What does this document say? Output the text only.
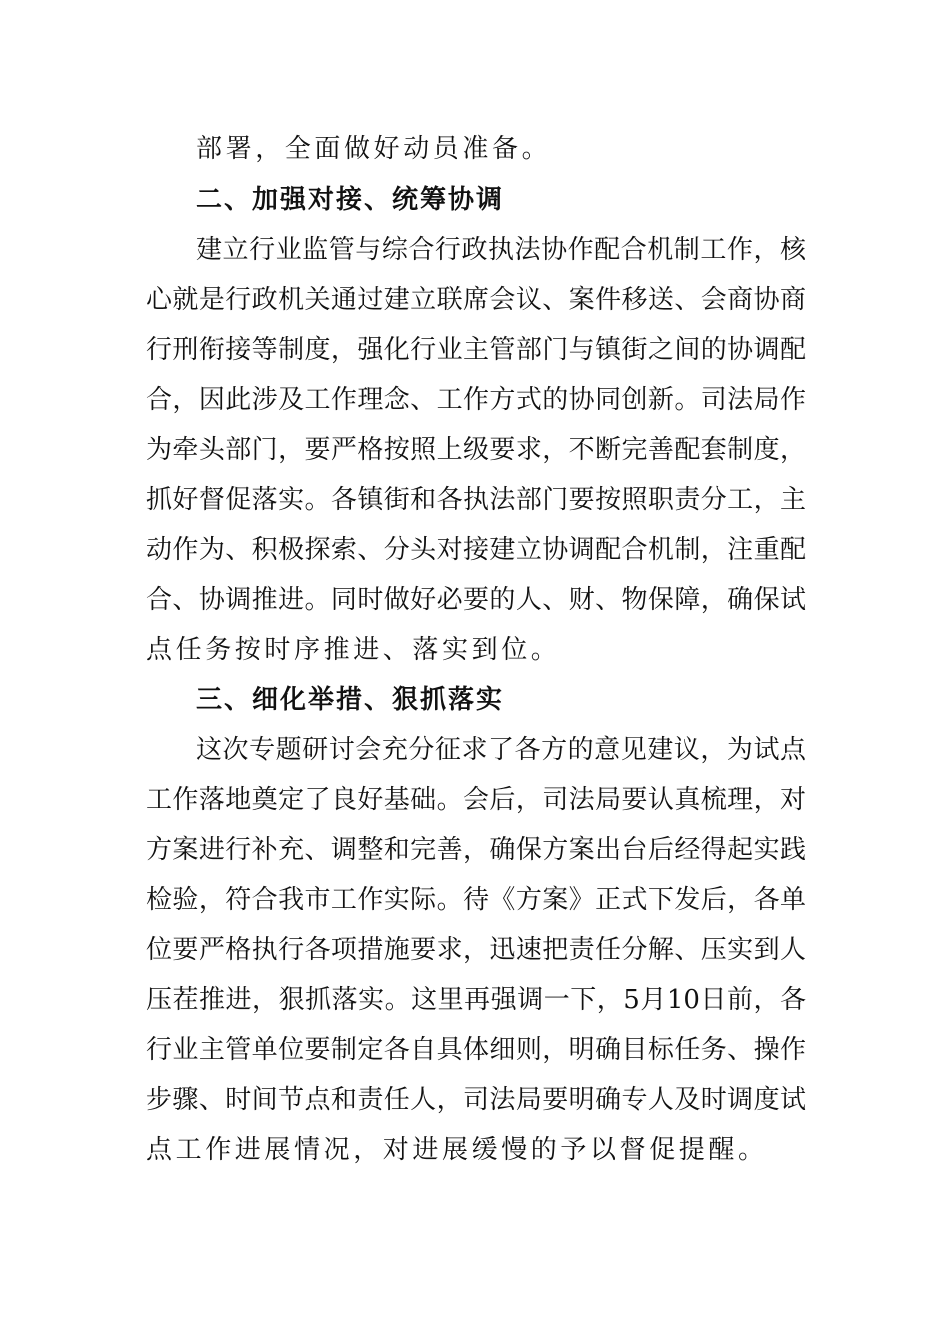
部署，全面做好动员准备。
二、加强对接、统筹协调
建立行业监管与综合行政执法协作配合机制工作，核
心就是行政机关通过建立联席会议、案件移送、会商协商
行刑衔接等制度，强化行业主管部门与镇街之间的协调配
合，因此涉及工作理念、工作方式的协同创新。司法局作
为牵头部门，要严格按照上级要求，不断完善配套制度，
抓好督促落实。各镇街和各执法部门要按照职责分工，主
动作为、积极探索、分头对接建立协调配合机制，注重配
合、协调推进。同时做好必要的人、财、物保障，确保试
点任务按时序推进、落实到位。
三、细化举措、狠抓落实
这次专题研讨会充分征求了各方的意见建议，为试点
工作落地奠定了良好基础。会后，司法局要认真梳理，对
方案进行补充、调整和完善，确保方案出台后经得起实践
检验，符合我市工作实际。待《方案》正式下发后，各单
位要严格执行各项措施要求，迅速把责任分解、压实到人
压茬推进，狠抓落实。这里再强调一下，5月10日前，各
行业主管单位要制定各自具体细则，明确目标任务、操作
步骤、时间节点和责任人，司法局要明确专人及时调度试
点工作进展情况，对进展缓慢的予以督促提醒。
